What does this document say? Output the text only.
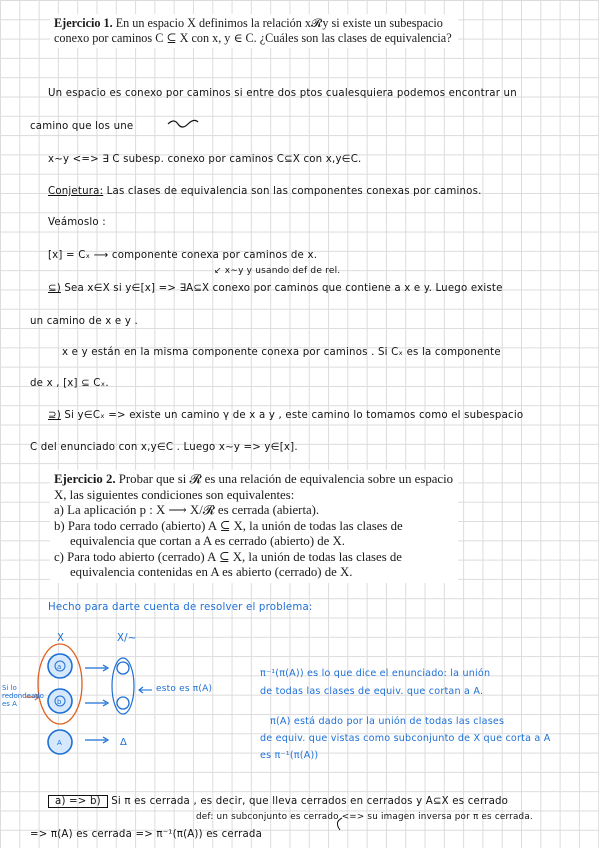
Ejercicio 1. En un espacio X definimos la relación x𝓡y si existe un subespacio conexo por caminos C ⊆ X con x, y ∈ C. ¿Cuáles son las clases de equivalencia?
Un espacio es conexo por caminos si entre dos ptos cualesquiera podemos encontrar un
camino que los une
a
b
A	Δ
x∼y <=> ∃ C subesp. conexo por caminos C⊆X con x,y∈C.
Conjetura: Las clases de equivalencia son las componentes conexas por caminos.
Veámoslo :
[x] = Cₓ ⟶ componente conexa por caminos de x.
↙ x∼y y usando def de rel.
⊆) Sea x∈X si y∈[x] => ∃A⊆X conexo por caminos que contiene a x e y. Luego existe
un camino de x e y .
x e y están en la misma componente conexa por caminos . Si Cₓ es la componente
de x , [x] ⊆ Cₓ.
⊇) Si y∈Cₓ => existe un camino γ de x a y , este camino lo tomamos como el subespacio
C del enunciado con x,y∈C . Luego x∼y => y∈[x].
Ejercicio 2. Probar que si 𝓡 es una relación de equivalencia sobre un espacio X, las siguientes condiciones son equivalentes:
a) La aplicación p : X ⟶ X/𝓡 es cerrada (abierta).
b) Para todo cerrado (abierto) A ⊆ X, la unión de todas las clases de equivalencia que cortan a A es cerrado (abierto) de X.
c) Para todo abierto (cerrado) A ⊆ X, la unión de todas las clases de equivalencia contenidas en A es abierto (cerrado) de X.
Hecho para darte cuenta de resolver el problema:
X	X/∼
esto es π(A)
Si lo
redondeado
es A
π⁻¹(π(A)) es lo que dice el enunciado: la unión
de todas las clases de equiv. que cortan a A.
π(A) está dado por la unión de todas las clases
de equiv. que vistas como subconjunto de X que corta a A
es π⁻¹(π(A))
a) => b) Si π es cerrada , es decir, que lleva cerrados en cerrados y A⊆X es cerrado
def: un subconjunto es cerrado <=> su imagen inversa por π es cerrada.
=> π(A) es cerrada => π⁻¹(π(A)) es cerrada
